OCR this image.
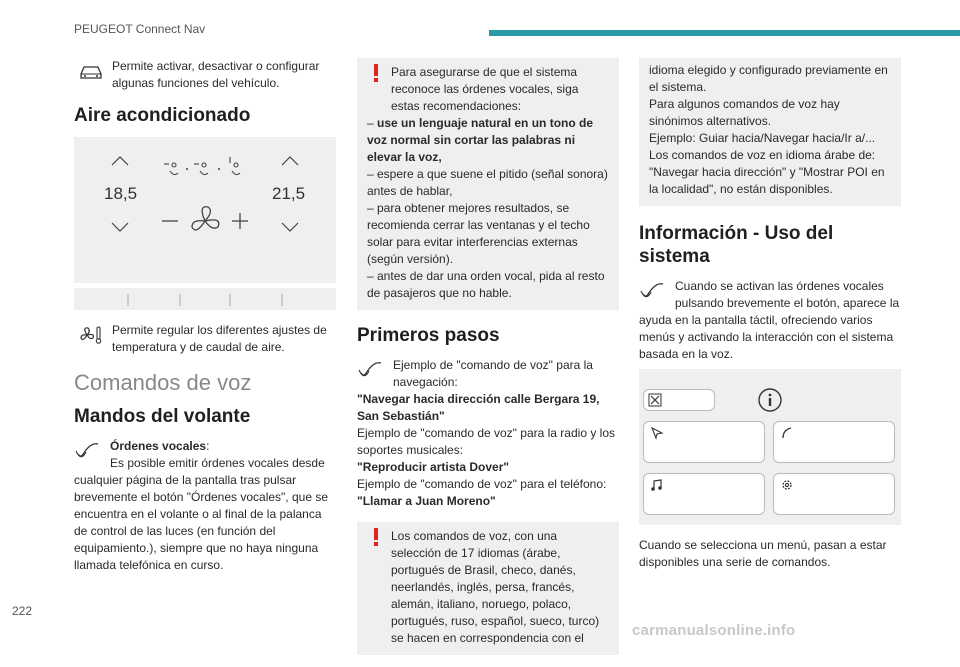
PEUGEOT Connect Nav

Permite activar, desactivar o configurar algunas funciones del vehículo.

Aire acondicionado
18,5	21,5

Permite regular los diferentes ajustes de temperatura y de caudal de aire.

Comandos de voz
Mandos del volante

Órdenes vocales:
Es posible emitir órdenes vocales desde cualquier página de la pantalla tras pulsar brevemente el botón "Órdenes vocales", que se encuentra en el volante o al final de la palanca de control de las luces (en función del equipamiento.), siempre que no haya ninguna llamada telefónica en curso.

Para asegurarse de que el sistema reconoce las órdenes vocales, siga estas recomendaciones:

– use un lenguaje natural en un tono de voz normal sin cortar las palabras ni elevar la voz,

– espere a que suene el pitido (señal sonora) antes de hablar,

– para obtener mejores resultados, se recomienda cerrar las ventanas y el techo solar para evitar interferencias externas (según versión).

– antes de dar una orden vocal, pida al resto de pasajeros que no hable.

Primeros pasos

Ejemplo de "comando de voz" para la navegación:

"Navegar hacia dirección calle Bergara 19, San Sebastián"

Ejemplo de "comando de voz" para la radio y los soportes musicales:

"Reproducir artista Dover"

Ejemplo de "comando de voz" para el teléfono:

"Llamar a Juan Moreno"

Los comandos de voz, con una selección de 17 idiomas (árabe, portugués de Brasil, checo, danés, neerlandés, inglés, persa, francés, alemán, italiano, noruego, polaco, portugués, ruso, español, sueco, turco) se hacen en correspondencia con el

idioma elegido y configurado previamente en el sistema.

Para algunos comandos de voz hay sinónimos alternativos.

Ejemplo: Guiar hacia/Navegar hacia/Ir a/...

Los comandos de voz en idioma árabe de: "Navegar hacia dirección" y "Mostrar POI en la localidad", no están disponibles.

Información - Uso del sistema

Cuando se activan las órdenes vocales pulsando brevemente el botón, aparece la ayuda en la pantalla táctil, ofreciendo varios menús y activando la interacción con el sistema basada en la voz.

Cuando se selecciona un menú, pasan a estar disponibles una serie de comandos.

222
carmanualsonline.info
